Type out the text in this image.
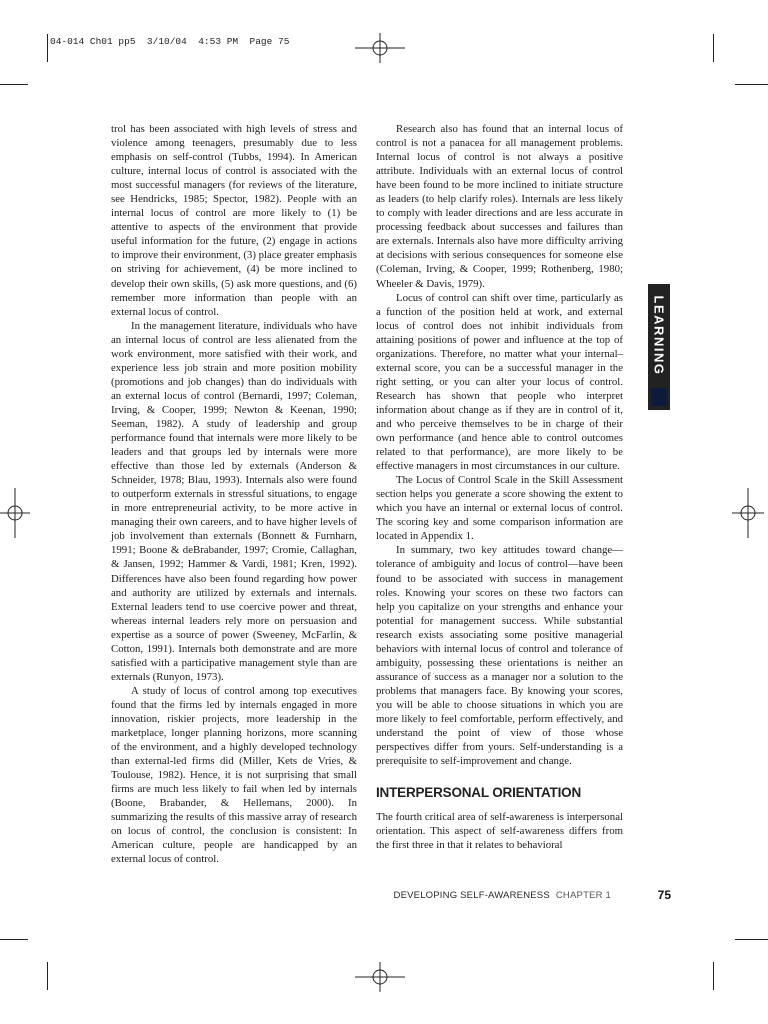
04-014 Ch01 pp5  3/10/04  4:53 PM  Page 75

trol has been associated with high levels of stress and violence among teenagers, presumably due to less emphasis on self-control (Tubbs, 1994). In American culture, internal locus of control is associated with the most successful managers (for reviews of the literature, see Hendricks, 1985; Spector, 1982). People with an internal locus of control are more likely to (1) be attentive to aspects of the environment that provide useful information for the future, (2) engage in actions to improve their environment, (3) place greater emphasis on striving for achievement, (4) be more inclined to develop their own skills, (5) ask more questions, and (6) remember more information than people with an external locus of control.

In the management literature, individuals who have an internal locus of control are less alienated from the work environment, more satisfied with their work, and experience less job strain and more position mobility (promotions and job changes) than do individuals with an external locus of control (Bernardi, 1997; Coleman, Irving, & Cooper, 1999; Newton & Keenan, 1990; Seeman, 1982). A study of leadership and group performance found that internals were more likely to be leaders and that groups led by internals were more effective than those led by externals (Anderson & Schneider, 1978; Blau, 1993). Internals also were found to outperform externals in stressful situations, to engage in more entrepreneurial activity, to be more active in managing their own careers, and to have higher levels of job involvement than externals (Bonnett & Furnharn, 1991; Boone & deBrabander, 1997; Cromie, Callaghan, & Jansen, 1992; Hammer & Vardi, 1981; Kren, 1992). Differences have also been found regarding how power and authority are utilized by externals and internals. External leaders tend to use coercive power and threat, whereas internal leaders rely more on persuasion and expertise as a source of power (Sweeney, McFarlin, & Cotton, 1991). Internals both demonstrate and are more satisfied with a participative management style than are externals (Runyon, 1973).

A study of locus of control among top executives found that the firms led by internals engaged in more innovation, riskier projects, more leadership in the marketplace, longer planning horizons, more scanning of the environment, and a highly developed technology than external-led firms did (Miller, Kets de Vries, & Toulouse, 1982). Hence, it is not surprising that small firms are much less likely to fail when led by internals (Boone, Brabander, & Hellemans, 2000). In summarizing the results of this massive array of research on locus of control, the conclusion is consistent: In American culture, people are handicapped by an external locus of control.

Research also has found that an internal locus of control is not a panacea for all management problems. Internal locus of control is not always a positive attribute. Individuals with an external locus of control have been found to be more inclined to initiate structure as leaders (to help clarify roles). Internals are less likely to comply with leader directions and are less accurate in processing feedback about successes and failures than are externals. Internals also have more difficulty arriving at decisions with serious consequences for someone else (Coleman, Irving, & Cooper, 1999; Rothenberg, 1980; Wheeler & Davis, 1979).

Locus of control can shift over time, particularly as a function of the position held at work, and external locus of control does not inhibit individuals from attaining positions of power and influence at the top of organizations. Therefore, no matter what your internal–external score, you can be a successful manager in the right setting, or you can alter your locus of control. Research has shown that people who interpret information about change as if they are in control of it, and who perceive themselves to be in charge of their own performance (and hence able to control outcomes related to that performance), are more likely to be effective managers in most circumstances in our culture.

The Locus of Control Scale in the Skill Assessment section helps you generate a score showing the extent to which you have an internal or external locus of control. The scoring key and some comparison information are located in Appendix 1.

In summary, two key attitudes toward change—tolerance of ambiguity and locus of control—have been found to be associated with success in management roles. Knowing your scores on these two factors can help you capitalize on your strengths and enhance your potential for management success. While substantial research exists associating some positive managerial behaviors with internal locus of control and tolerance of ambiguity, possessing these orientations is neither an assurance of success as a manager nor a solution to the problems that managers face. By knowing your scores, you will be able to choose situations in which you are more likely to feel comfortable, perform effectively, and understand the point of view of those whose perspectives differ from yours. Self-understanding is a prerequisite to self-improvement and change.

INTERPERSONAL ORIENTATION

The fourth critical area of self-awareness is interpersonal orientation. This aspect of self-awareness differs from the first three in that it relates to behavioral

LEARNING
DEVELOPING SELF-AWARENESS CHAPTER 1	75
